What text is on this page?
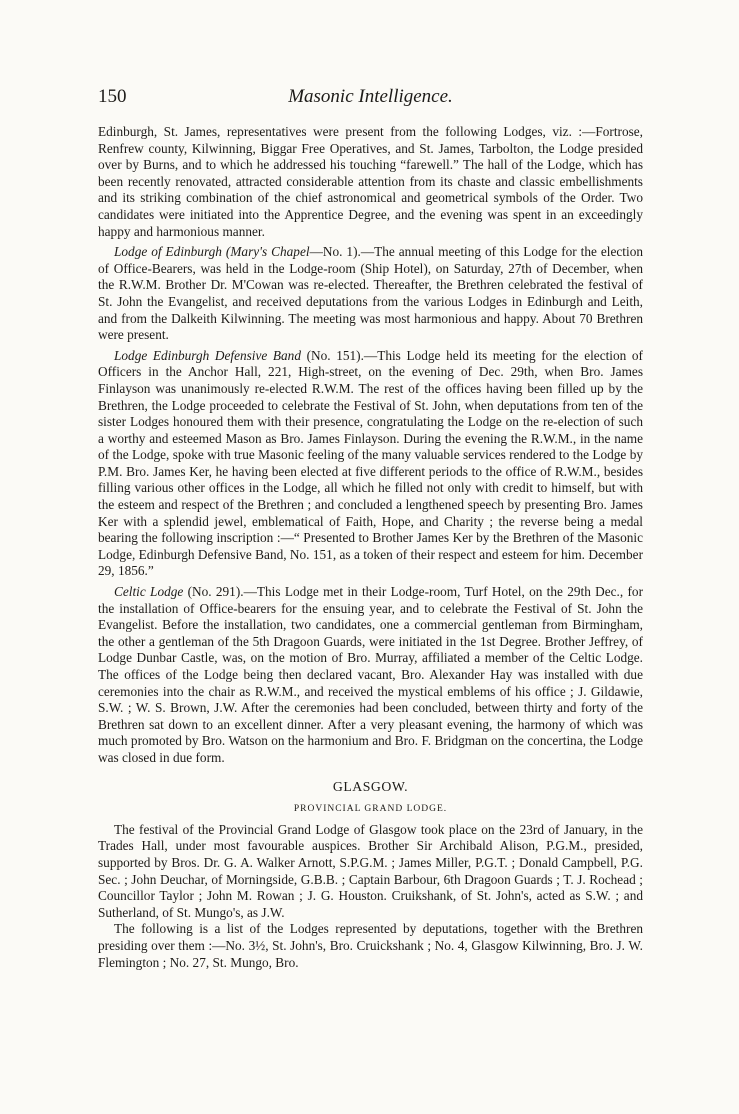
150	Masonic Intelligence.

Edinburgh, St. James, representatives were present from the following Lodges, viz. :—Fortrose, Renfrew county, Kilwinning, Biggar Free Operatives, and St. James, Tarbolton, the Lodge presided over by Burns, and to which he addressed his touching “farewell.” The hall of the Lodge, which has been recently renovated, attracted considerable attention from its chaste and classic embellishments and its striking combination of the chief astronomical and geometrical symbols of the Order. Two candidates were initiated into the Apprentice Degree, and the evening was spent in an exceedingly happy and harmonious manner.

Lodge of Edinburgh (Mary's Chapel—No. 1).—The annual meeting of this Lodge for the election of Office-Bearers, was held in the Lodge-room (Ship Hotel), on Saturday, 27th of December, when the R.W.M. Brother Dr. M'Cowan was re-elected. Thereafter, the Brethren celebrated the festival of St. John the Evangelist, and received deputations from the various Lodges in Edinburgh and Leith, and from the Dalkeith Kilwinning. The meeting was most harmonious and happy. About 70 Brethren were present.

Lodge Edinburgh Defensive Band (No. 151).—This Lodge held its meeting for the election of Officers in the Anchor Hall, 221, High-street, on the evening of Dec. 29th, when Bro. James Finlayson was unanimously re-elected R.W.M. The rest of the offices having been filled up by the Brethren, the Lodge proceeded to celebrate the Festival of St. John, when deputations from ten of the sister Lodges honoured them with their presence, congratulating the Lodge on the re-election of such a worthy and esteemed Mason as Bro. James Finlayson. During the evening the R.W.M., in the name of the Lodge, spoke with true Masonic feeling of the many valuable services rendered to the Lodge by P.M. Bro. James Ker, he having been elected at five different periods to the office of R.W.M., besides filling various other offices in the Lodge, all which he filled not only with credit to himself, but with the esteem and respect of the Brethren ; and concluded a lengthened speech by presenting Bro. James Ker with a splendid jewel, emblematical of Faith, Hope, and Charity ; the reverse being a medal bearing the following inscription :—“ Presented to Brother James Ker by the Brethren of the Masonic Lodge, Edinburgh Defensive Band, No. 151, as a token of their respect and esteem for him. December 29, 1856.”

Celtic Lodge (No. 291).—This Lodge met in their Lodge-room, Turf Hotel, on the 29th Dec., for the installation of Office-bearers for the ensuing year, and to celebrate the Festival of St. John the Evangelist. Before the installation, two candidates, one a commercial gentleman from Birmingham, the other a gentleman of the 5th Dragoon Guards, were initiated in the 1st Degree. Brother Jeffrey, of Lodge Dunbar Castle, was, on the motion of Bro. Murray, affiliated a member of the Celtic Lodge. The offices of the Lodge being then declared vacant, Bro. Alexander Hay was installed with due ceremonies into the chair as R.W.M., and received the mystical emblems of his office ; J. Gildawie, S.W. ; W. S. Brown, J.W. After the ceremonies had been concluded, between thirty and forty of the Brethren sat down to an excellent dinner. After a very pleasant evening, the harmony of which was much promoted by Bro. Watson on the harmonium and Bro. F. Bridgman on the concertina, the Lodge was closed in due form.

GLASGOW.
PROVINCIAL GRAND LODGE.

The festival of the Provincial Grand Lodge of Glasgow took place on the 23rd of January, in the Trades Hall, under most favourable auspices. Brother Sir Archibald Alison, P.G.M., presided, supported by Bros. Dr. G. A. Walker Arnott, S.P.G.M. ; James Miller, P.G.T. ; Donald Campbell, P.G. Sec. ; John Deuchar, of Morningside, G.B.B. ; Captain Barbour, 6th Dragoon Guards ; T. J. Rochead ; Councillor Taylor ; John M. Rowan ; J. G. Houston. Cruikshank, of St. John's, acted as S.W. ; and Sutherland, of St. Mungo's, as J.W.

The following is a list of the Lodges represented by deputations, together with the Brethren presiding over them :—No. 3½, St. John's, Bro. Cruickshank ; No. 4, Glasgow Kilwinning, Bro. J. W. Flemington ; No. 27, St. Mungo, Bro.
